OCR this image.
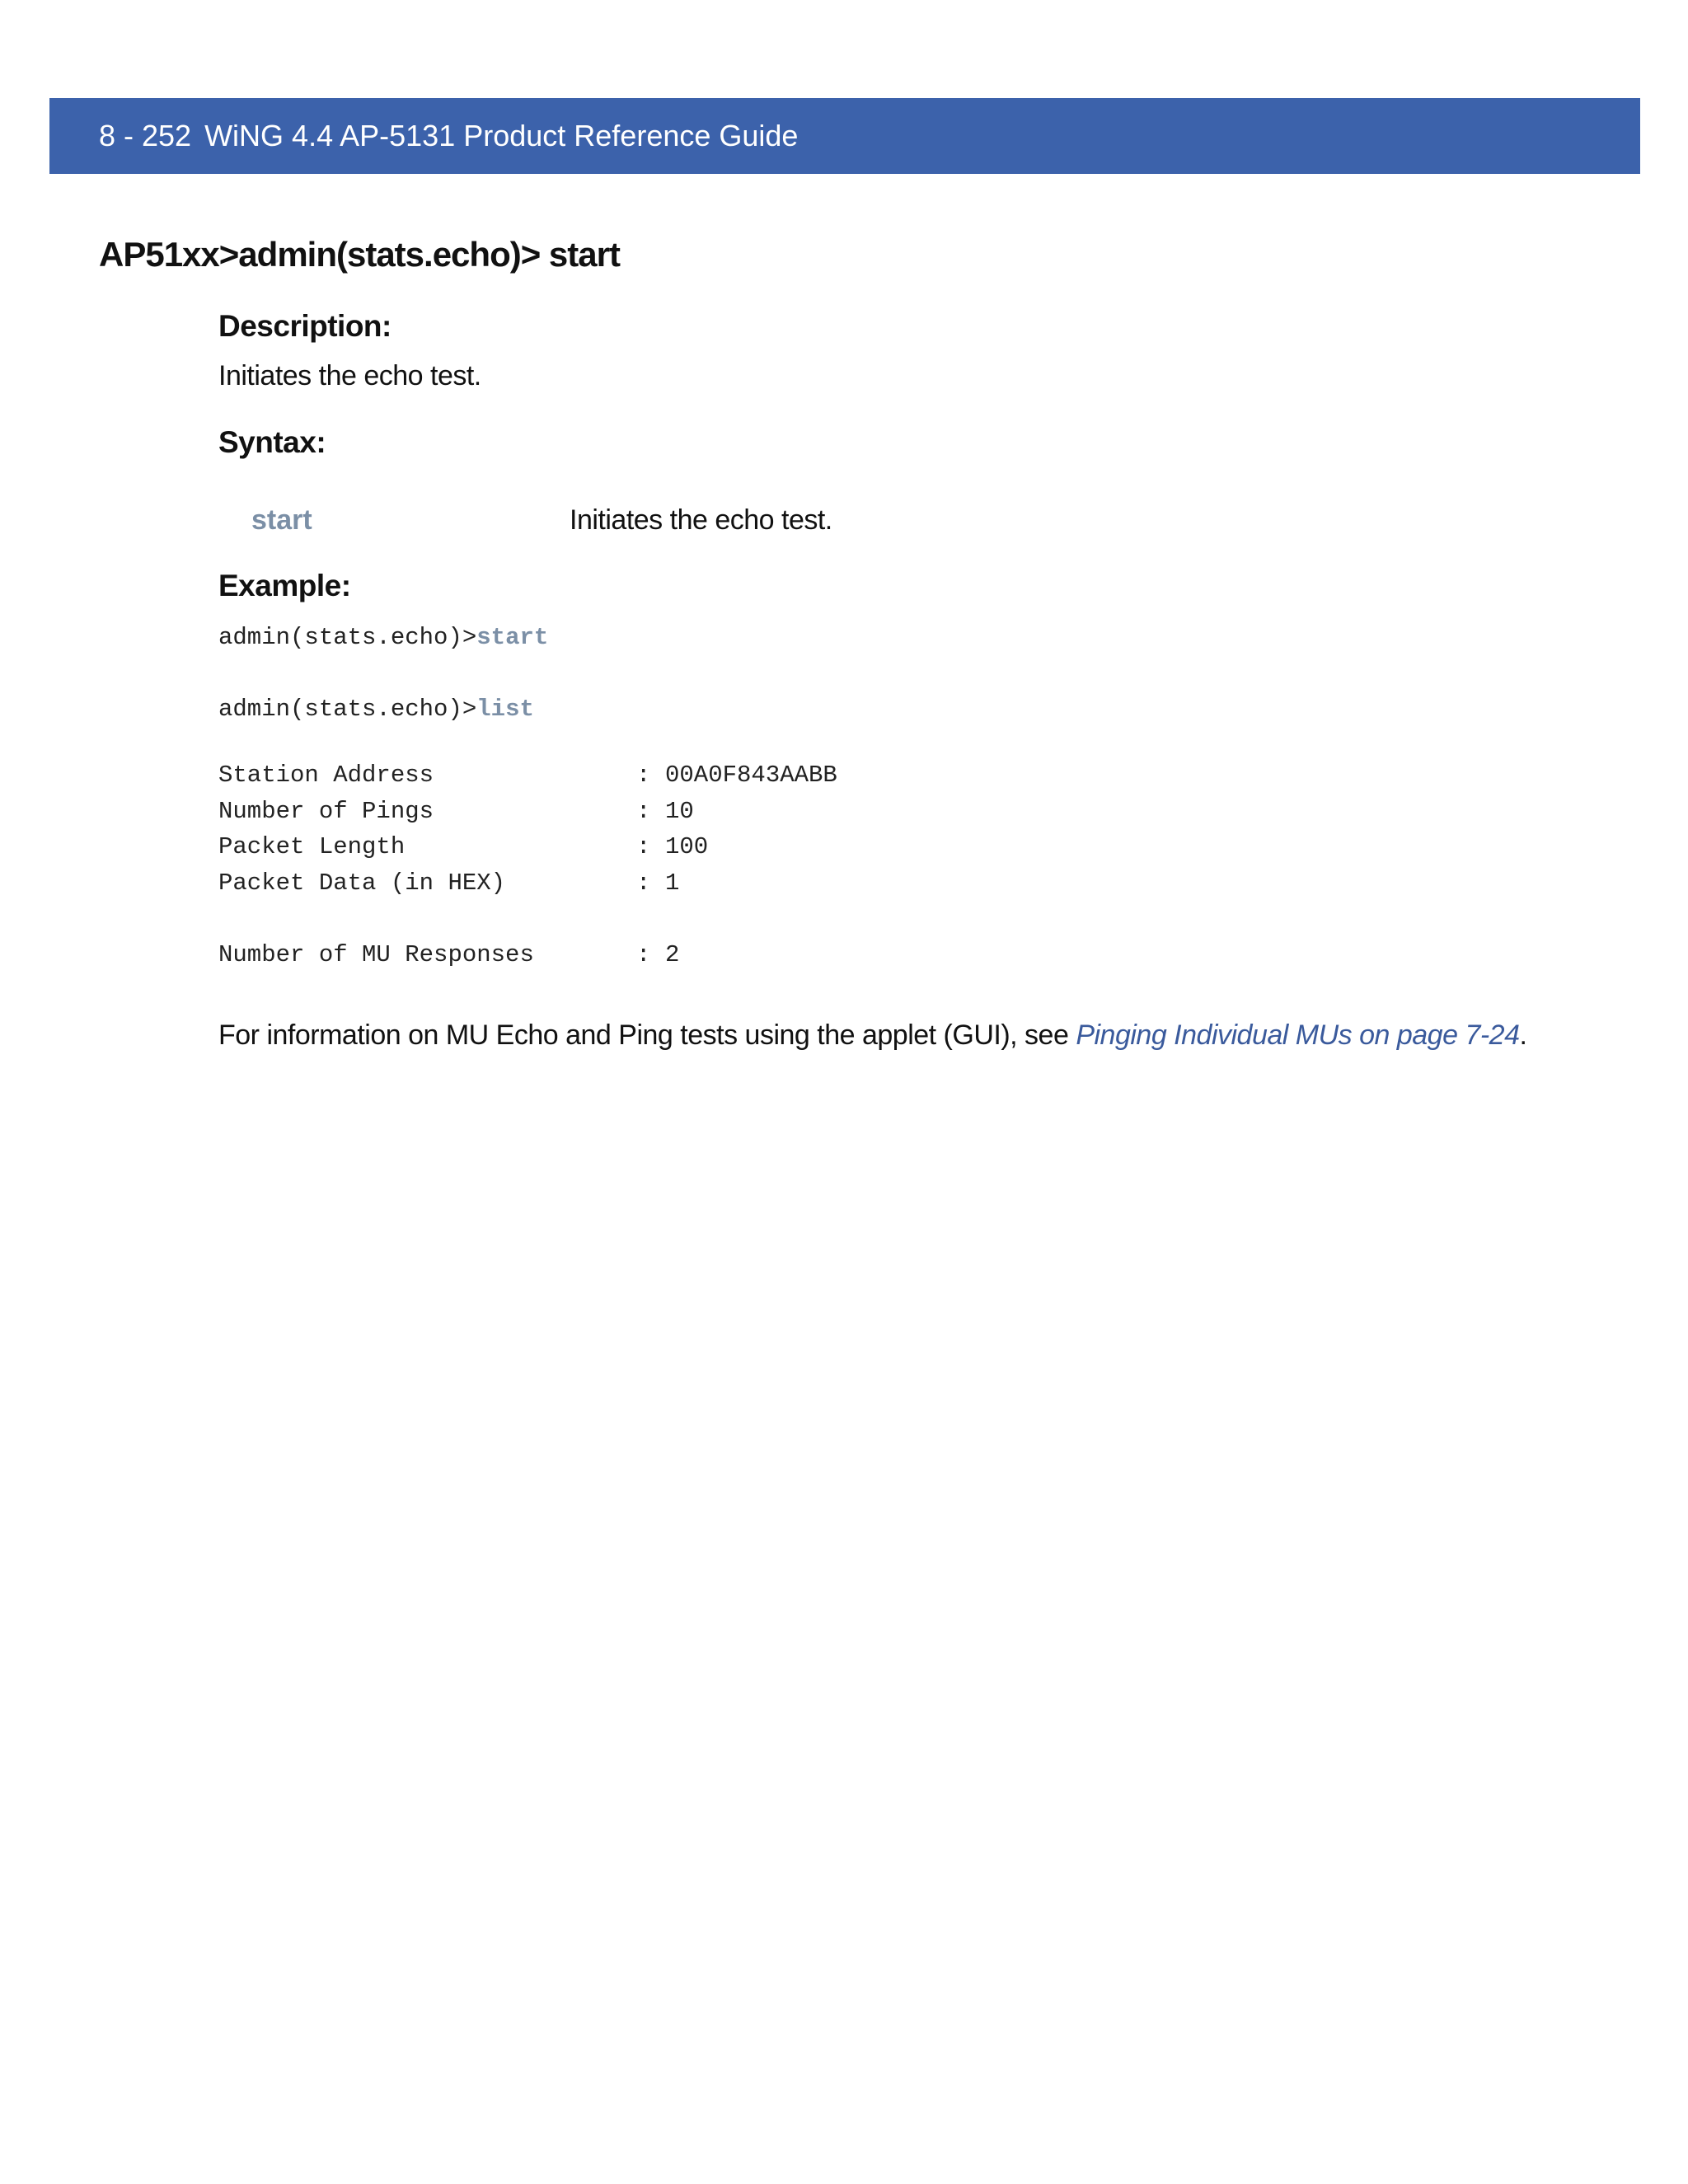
8 - 252 WiNG 4.4 AP-5131 Product Reference Guide
AP51xx>admin(stats.echo)> start
Description:
Initiates the echo test.
Syntax:
start	Initiates the echo test.
Example:
admin(stats.echo)>start
admin(stats.echo)>list
Station Address	: 00A0F843AABB
Number of Pings	: 10
Packet Length	: 100
Packet Data (in HEX)	: 1
Number of MU Responses	: 2
For information on MU Echo and Ping tests using the applet (GUI), see Pinging Individual MUs on page 7-24.
